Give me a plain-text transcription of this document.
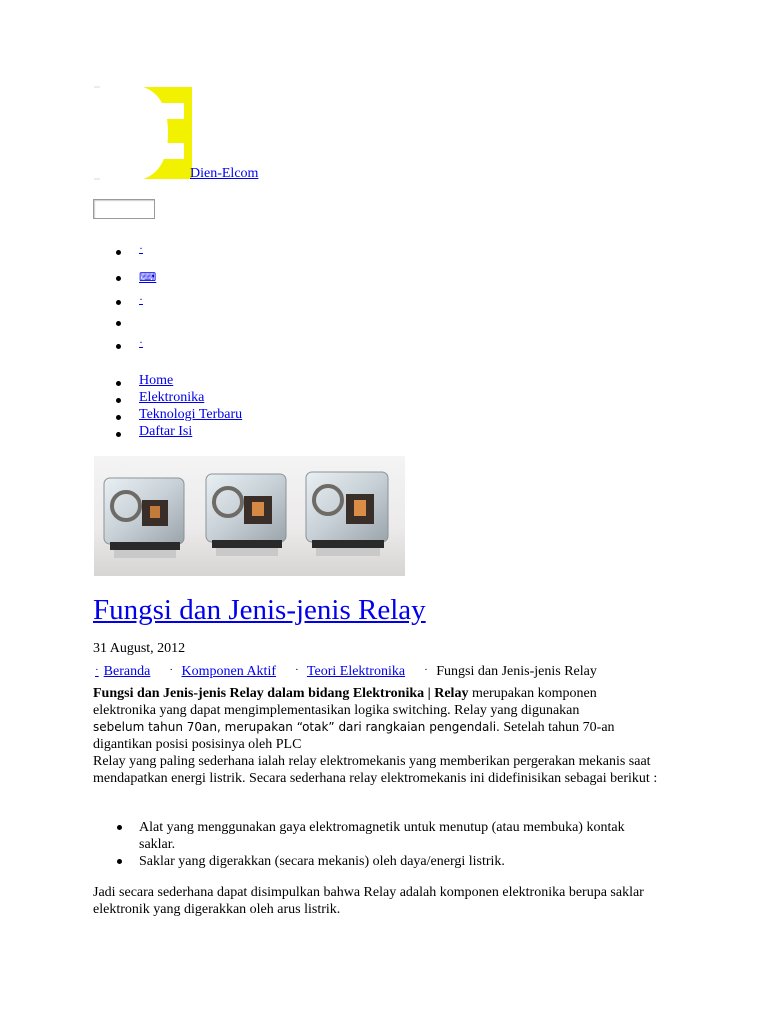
Dien-Elcom
·
⌨
·
·
Home
Elektronika
Teknologi Terbaru
Daftar Isi
Fungsi dan Jenis-jenis Relay
31 August, 2012
· Beranda · Komponen Aktif · Teori Elektronika · Fungsi dan Jenis-jenis Relay

Fungsi dan Jenis-jenis Relay dalam bidang Elektronika | Relay merupakan komponen elektronika yang dapat mengimplementasikan logika switching. Relay yang digunakan
sebelum tahun 70an, merupakan “otak” dari rangkaian pengendali. Setelah tahun 70-an digantikan posisi posisinya oleh PLC

Relay yang paling sederhana ialah relay elektromekanis yang memberikan pergerakan mekanis saat mendapatkan energi listrik. Secara sederhana relay elektromekanis ini didefinisikan sebagai berikut :

Alat yang menggunakan gaya elektromagnetik untuk menutup (atau membuka) kontak saklar.
Saklar yang digerakkan (secara mekanis) oleh daya/energi listrik.

Jadi secara sederhana dapat disimpulkan bahwa Relay adalah komponen elektronika berupa saklar elektronik yang digerakkan oleh arus listrik.
